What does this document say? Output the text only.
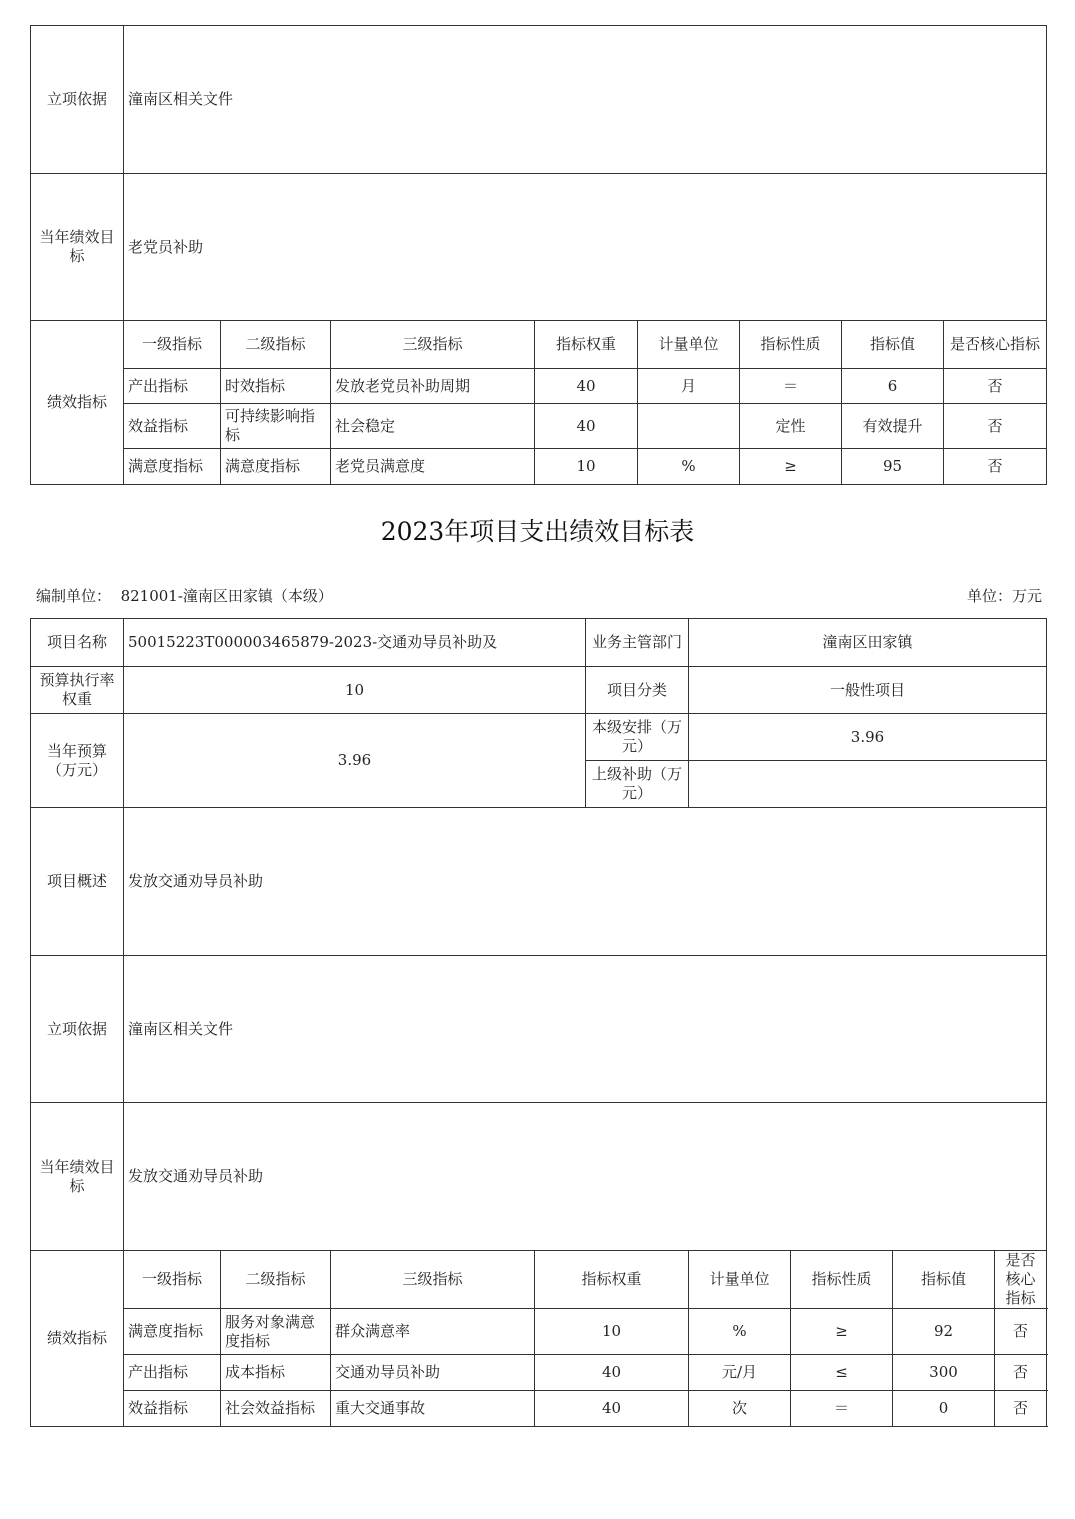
立项依据	潼南区相关文件							
当年绩效目标	老党员补助							
绩效指标	一级指标	二级指标	三级指标	指标权重	计量单位	指标性质	指标值	是否核心指标
	产出指标	时效指标	发放老党员补助周期	40	月	＝	6	否
	效益指标	可持续影响指标	社会稳定	40		定性	有效提升	否
	满意度指标	满意度指标	老党员满意度	10	%	≥	95	否
2023年项目支出绩效目标表
编制单位： 821001-潼南区田家镇（本级）	单位：万元
项目名称	50015223T000003465879-2023-交通劝导员补助及				业务主管部门	潼南区田家镇			
预算执行率权重	10				项目分类	一般性项目			
当年预算（万元）	3.96				本级安排（万元）	3.96			
					上级补助（万元）				
项目概述	发放交通劝导员补助								
立项依据	潼南区相关文件								
当年绩效目标	发放交通劝导员补助								
绩效指标	一级指标	二级指标	三级指标	指标权重		计量单位	指标性质	指标值	是否核心指标
	满意度指标	服务对象满意度指标	群众满意率	10		%	≥	92	否
	产出指标	成本指标	交通劝导员补助	40		元/月	≤	300	否
	效益指标	社会效益指标	重大交通事故	40		次	＝	0	否
